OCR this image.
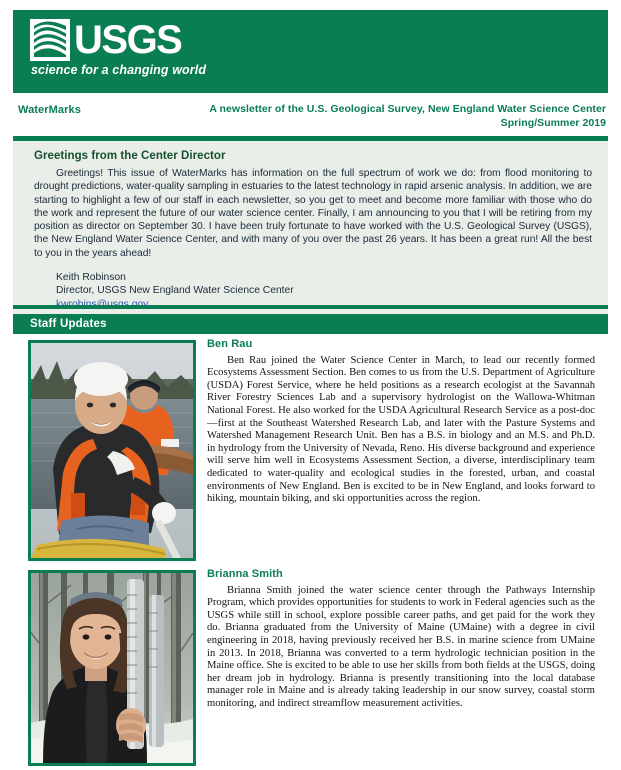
USGS
science for a changing world
WaterMarks	A newsletter of the U.S. Geological Survey, New England Water Science Center
Spring/Summer 2019
Greetings from the Center Director

Greetings! This issue of WaterMarks has information on the full spectrum of work we do: from flood monitoring to drought predictions, water-quality sampling in estuaries to the latest technology in rapid arsenic analysis. In addition, we are starting to highlight a few of our staff in each newsletter, so you get to meet and become more familiar with those who do the work and represent the future of our water science center. Finally, I am announcing to you that I will be retiring from my position as director on September 30. I have been truly fortunate to have worked with the U.S. Geological Survey (USGS), the New England Water Science Center, and with many of you over the past 26 years. It has been a great run! All the best to you in the years ahead!

Keith Robinson
Director, USGS New England Water Science Center
Staff Updates
Ben Rau

Ben Rau joined the Water Science Center in March, to lead our recently formed Ecosystems Assessment Section. Ben comes to us from the U.S. Department of Agriculture (USDA) Forest Service, where he held positions as a research ecologist at the Savannah River Forestry Sciences Lab and a supervisory hydrologist on the Wallowa-Whitman National Forest. He also worked for the USDA Agricultural Research Service as a post-doc—first at the Southeast Watershed Research Lab, and later with the Pasture Systems and Watershed Management Research Unit. Ben has a B.S. in biology and an M.S. and Ph.D. in hydrology from the University of Nevada, Reno. His diverse background and experience will serve him well in Ecosystems Assessment Section, a diverse, interdisciplinary team dedicated to water-quality and ecological studies in the forested, urban, and coastal environments of New England. Ben is excited to be in New England, and looks forward to hiking, mountain biking, and ski opportunities across the region.

Brianna Smith

Brianna Smith joined the water science center through the Pathways Internship Program, which provides opportunities for students to work in Federal agencies such as the USGS while still in school, explore possible career paths, and get paid for the work they do. Brianna graduated from the University of Maine (UMaine) with a degree in civil engineering in 2018, having previously received her B.S. in marine science from UMaine in 2013. In 2018, Brianna was converted to a term hydrologic technician position in the Maine office. She is excited to be able to use her skills from both fields at the USGS, doing her dream job in hydrology. Brianna is presently transitioning into the local database manager role in Maine and is already taking leadership in our snow survey, coastal storm monitoring, and indirect streamflow measurement activities.
